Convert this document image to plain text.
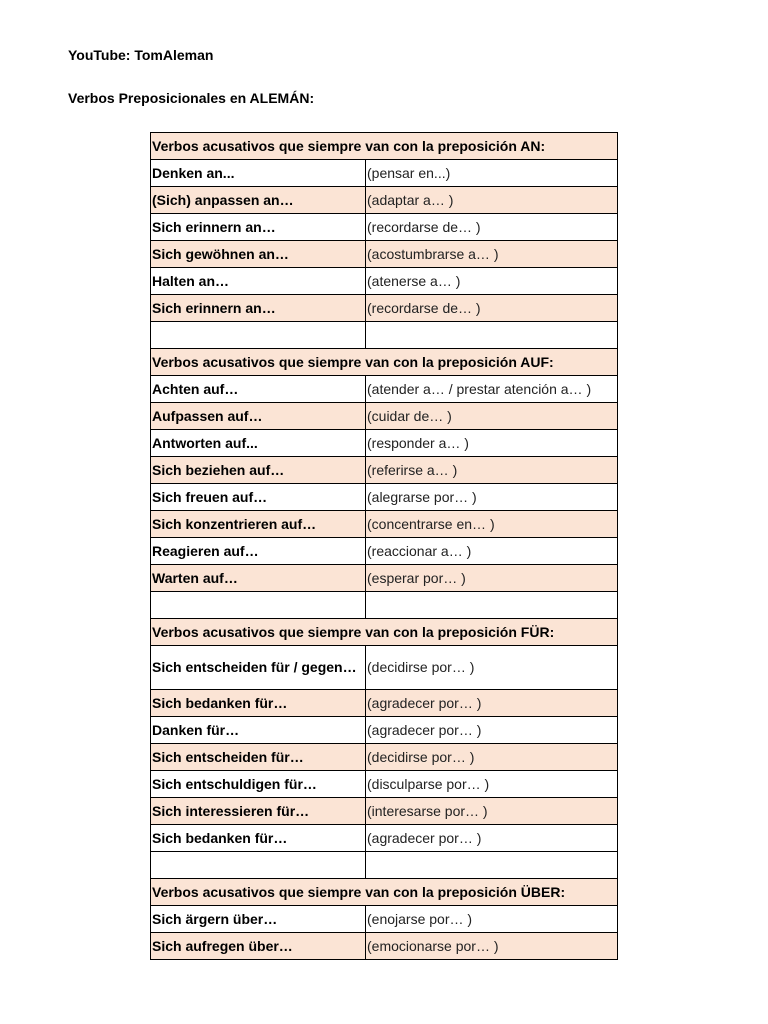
YouTube: TomAleman
Verbos Preposicionales en ALEMÁN:
Verbos acusativos que siempre van con la preposición AN:	
Denken an...	(pensar en...)
(Sich) anpassen an…	(adaptar a… )
Sich erinnern an…	(recordarse de… )
Sich gewöhnen an…	(acostumbrarse a… )
Halten an…	(atenerse a… )
Sich erinnern an…	(recordarse de… )

Verbos acusativos que siempre van con la preposición AUF:	
Achten auf…	(atender a… / prestar atención a… )
Aufpassen auf…	(cuidar de… )
Antworten auf...	(responder a… )
Sich beziehen auf…	(referirse a… )
Sich freuen auf…	(alegrarse por… )
Sich konzentrieren auf…	(concentrarse en… )
Reagieren auf…	(reaccionar a… )
Warten auf…	(esperar por… )

Verbos acusativos que siempre van con la preposición FÜR:	
Sich entscheiden für / gegen…	(decidirse por… )
Sich bedanken für…	(agradecer por… )
Danken für…	(agradecer por… )
Sich entscheiden für…	(decidirse por… )
Sich entschuldigen für…	(disculparse por… )
Sich interessieren für…	(interesarse por… )
Sich bedanken für…	(agradecer por… )

Verbos acusativos que siempre van con la preposición ÜBER:	
Sich ärgern über…	(enojarse por… )
Sich aufregen über…	(emocionarse por… )
